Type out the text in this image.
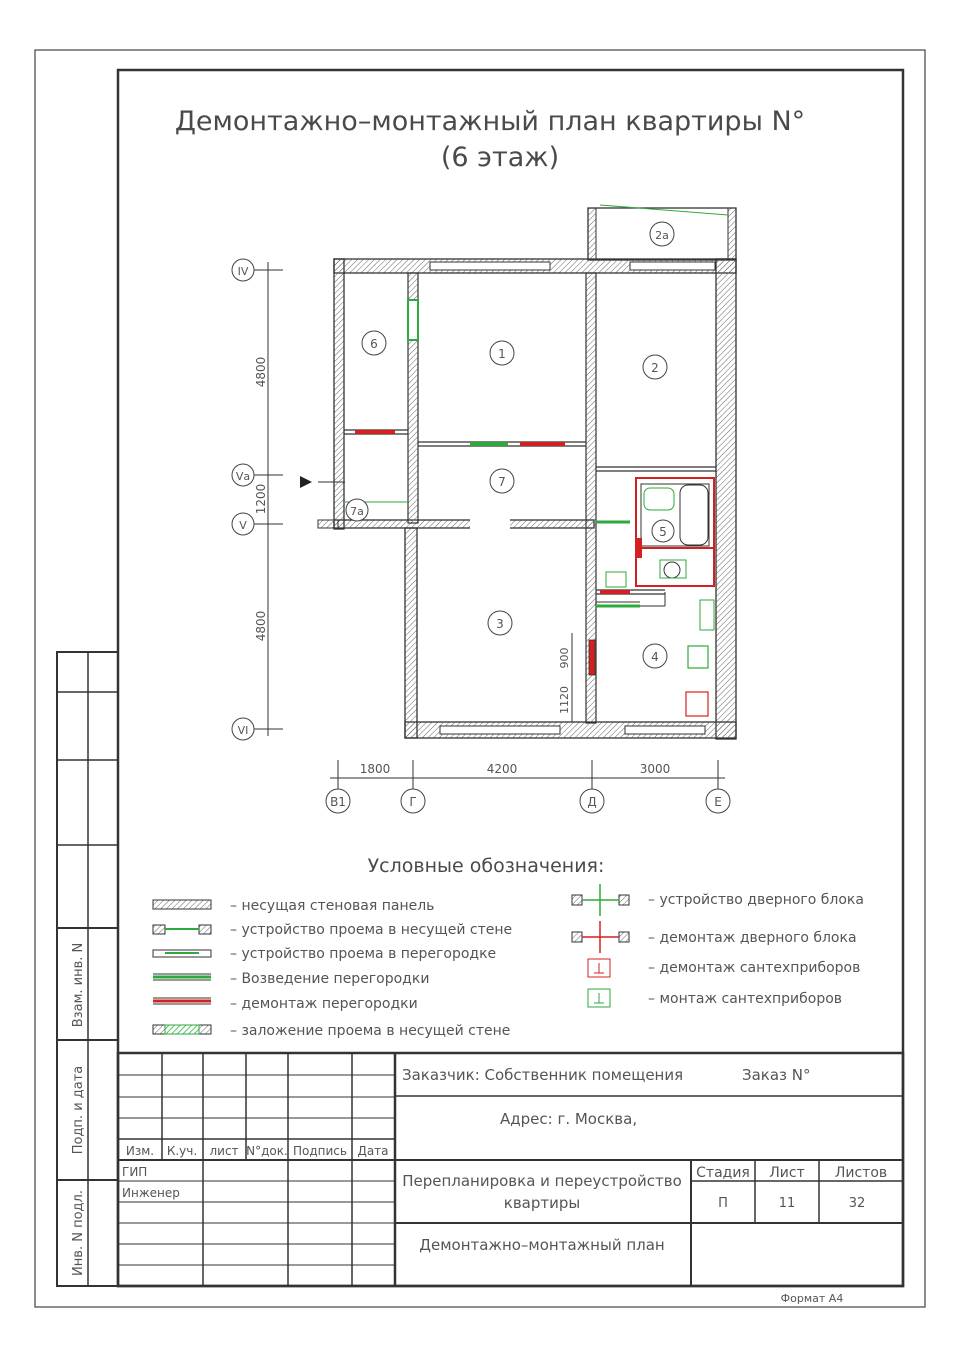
Демонтажно–монтажный план квартиры N°
(6 этаж)
IV
Vа
V
VI
В1	Г	Д	Е
4800
1200
4800
1800	4200	3000
900
1120
1
2
2а
3
4
5
6
7
7а
Условные обозначения:
– несущая стеновая панель
– устройство проема в несущей стене
– устройство проема в перегородке
– Возведение перегородки
– демонтаж перегородки
– заложение проема в несущей стене
– устройство дверного блока
– демонтаж дверного блока
– демонтаж сантехприборов
– монтаж сантехприборов
Взам. инв. N
Подп. и дата
Инв. N подл.
Изм. К.уч. лист N°док. Подпись Дата
ГИП
Инженер
Заказчик: Собственник помещения	Заказ N°
Адрес: г. Москва,
Перепланировка и переустройство
квартиры
Демонтажно–монтажный план
Стадия Лист Листов
П	11	32
Формат А4
